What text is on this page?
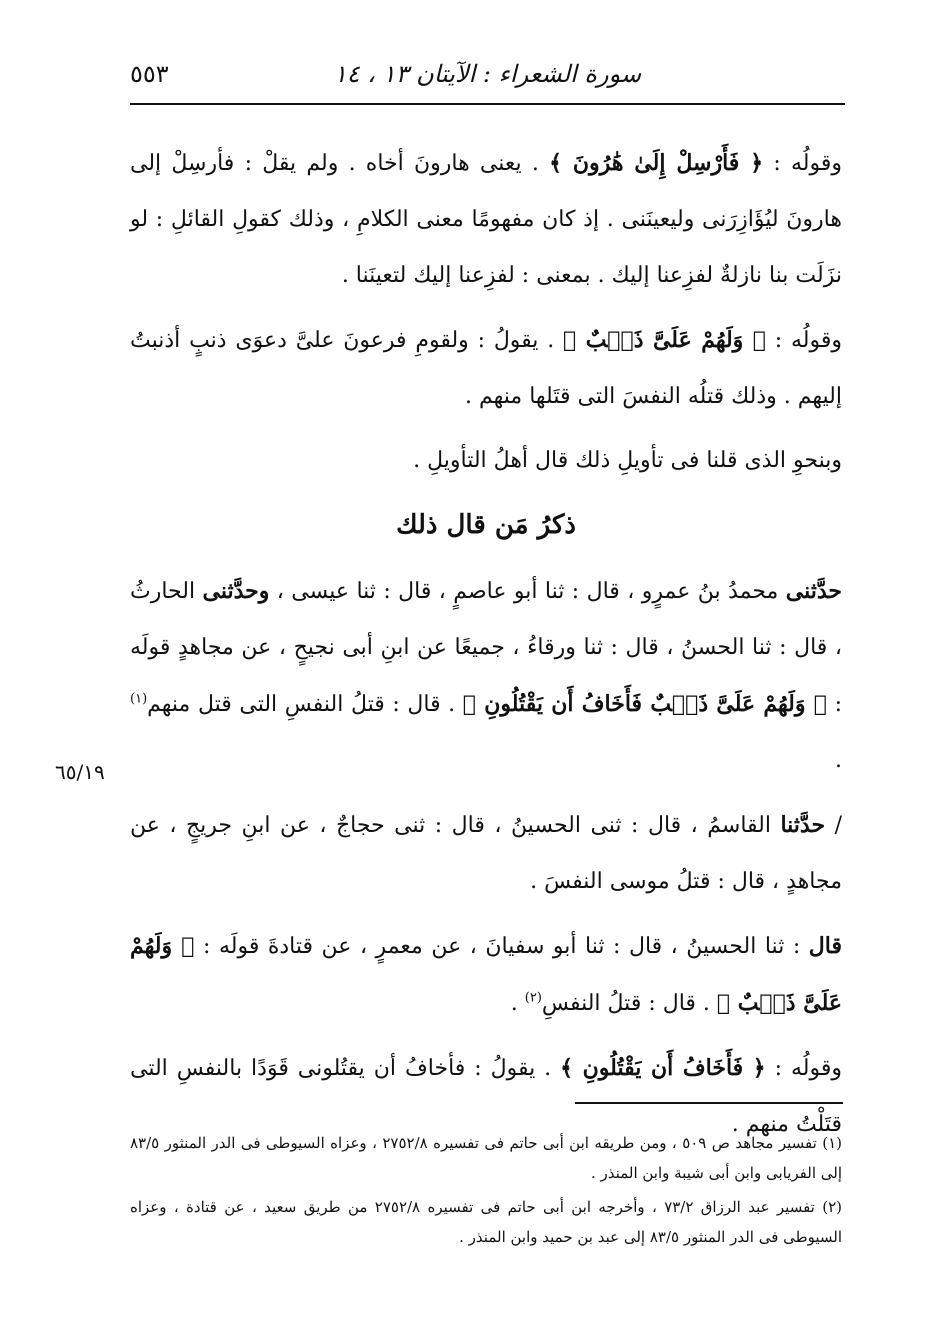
سورة الشعراء : الآيتان ١٣ ، ١٤
٥٥٣
٦٥/١٩

وقولُه : ﴿ فَأَرْسِلْ إِلَىٰ هَٰرُونَ ﴾ . يعنى هارونَ أخاه . ولم يقلْ : فأرسِلْ إلى هارونَ ليُؤَازِرَنى وليعينَنى . إذ كان مفهومًا معنى الكلامِ ، وذلك كقولِ القائلِ : لو نزَلَت بنا نازلةٌ لفزِعنا إليك . بمعنى : لفزِعنا إليك لتعينَنا .

وقولُه : ﴿ وَلَهُمْ عَلَىَّ ذَنۢبٌ ﴾ . يقولُ : ولقومِ فرعونَ علىَّ دعوَى ذنبٍ أذنبتُ إليهم . وذلك قتلُه النفسَ التى قتَلها منهم .

وبنحوِ الذى قلنا فى تأويلِ ذلك قال أهلُ التأويلِ .

ذكرُ مَن قال ذلك

حدَّثنى محمدُ بنُ عمرٍو ، قال : ثنا أبو عاصمٍ ، قال : ثنا عيسى ، وحدَّثنى الحارثُ ، قال : ثنا الحسنُ ، قال : ثنا ورقاءُ ، جميعًا عن ابنِ أبى نجيحٍ ، عن مجاهدٍ قولَه : ﴿ وَلَهُمْ عَلَىَّ ذَنۢبٌ فَأَخَافُ أَن يَقْتُلُونِ ﴾ . قال : قتلُ النفسِ التى قتل منهم$^{(١)}$ .

/ حدَّثنا القاسمُ ، قال : ثنى الحسينُ ، قال : ثنى حجاجٌ ، عن ابنِ جريجٍ ، عن مجاهدٍ ، قال : قتلُ موسى النفسَ .

قال : ثنا الحسينُ ، قال : ثنا أبو سفيانَ ، عن معمرٍ ، عن قتادةَ قولَه : ﴿ وَلَهُمْ عَلَىَّ ذَنۢبٌ ﴾ . قال : قتلُ النفسِ$^{(٢)}$ .

وقولُه : ﴿ فَأَخَافُ أَن يَقْتُلُونِ ﴾ . يقولُ : فأخافُ أن يقتُلونى قَوَدًا بالنفسِ التى قتَلْتُ منهم .

(١) تفسير مجاهد ص ٥٠٩ ، ومن طريقه ابن أبى حاتم فى تفسيره ٢٧٥٢/٨ ، وعزاه السيوطى فى الدر المنثور ٨٣/٥ إلى الفريابى وابن أبى شيبة وابن المنذر .

(٢) تفسير عبد الرزاق ٧٣/٢ ، وأخرجه ابن أبى حاتم فى تفسيره ٢٧٥٢/٨ من طريق سعيد ، عن قتادة ، وعزاه السيوطى فى الدر المنثور ٨٣/٥ إلى عبد بن حميد وابن المنذر .
